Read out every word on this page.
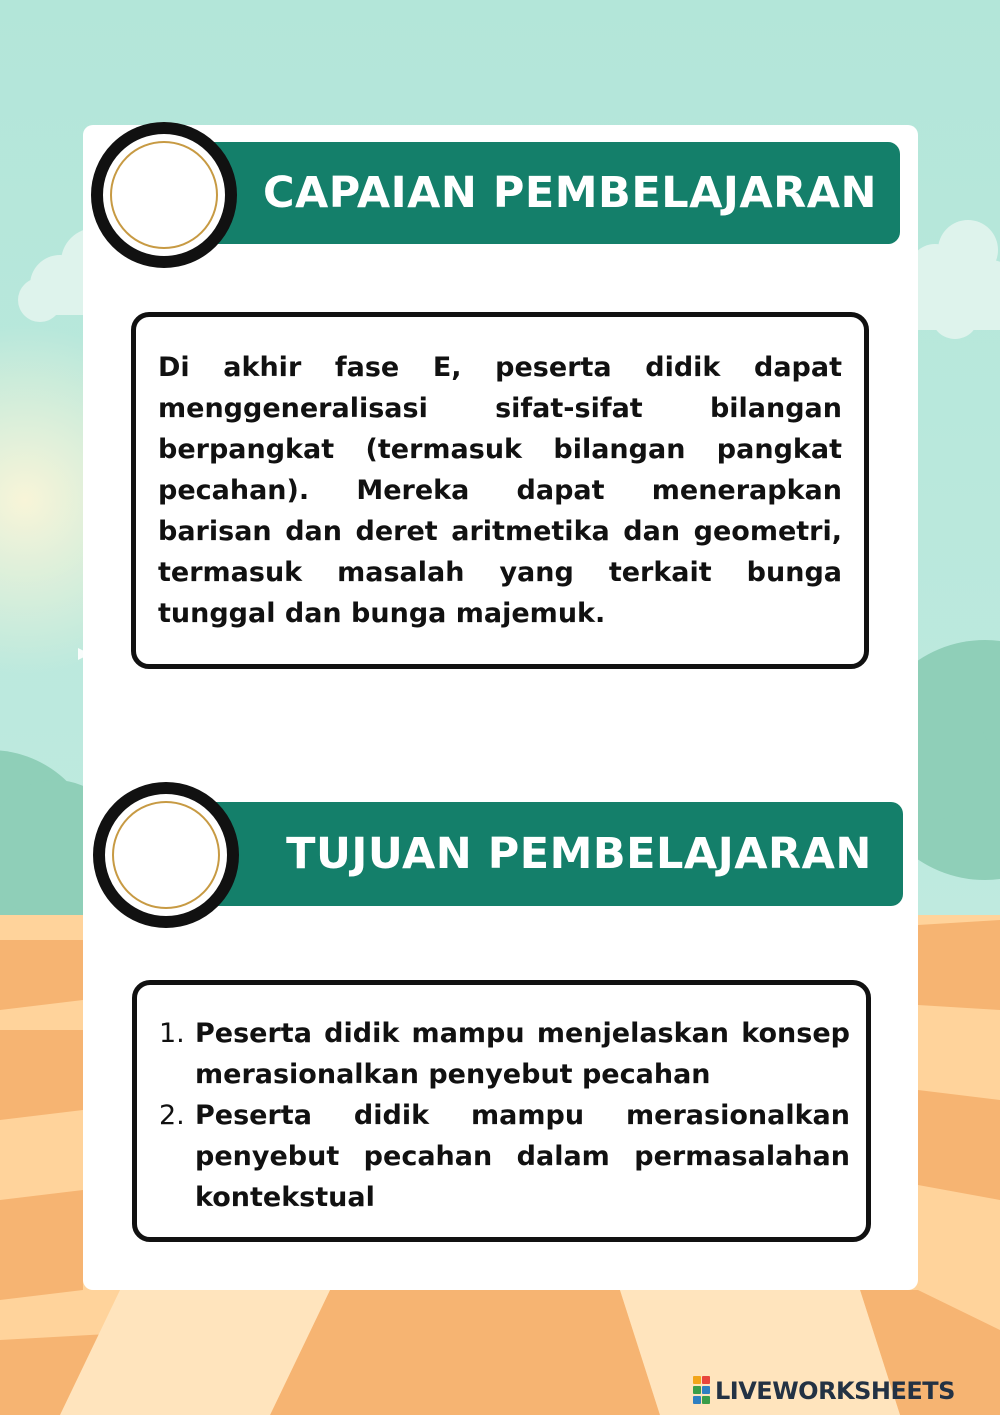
CAPAIAN PEMBELAJARAN
Di akhir fase E, peserta didik dapat menggeneralisasi sifat-sifat bilangan berpangkat (termasuk bilangan pangkat pecahan). Mereka dapat menerapkan barisan dan deret aritmetika dan geometri, termasuk masalah yang terkait bunga tunggal dan bunga majemuk.
TUJUAN PEMBELAJARAN
1. Peserta didik mampu menjelaskan konsep merasionalkan penyebut pecahan
2. Peserta didik mampu merasionalkan penyebut pecahan dalam permasalahan kontekstual
LIVEWORKSHEETS
